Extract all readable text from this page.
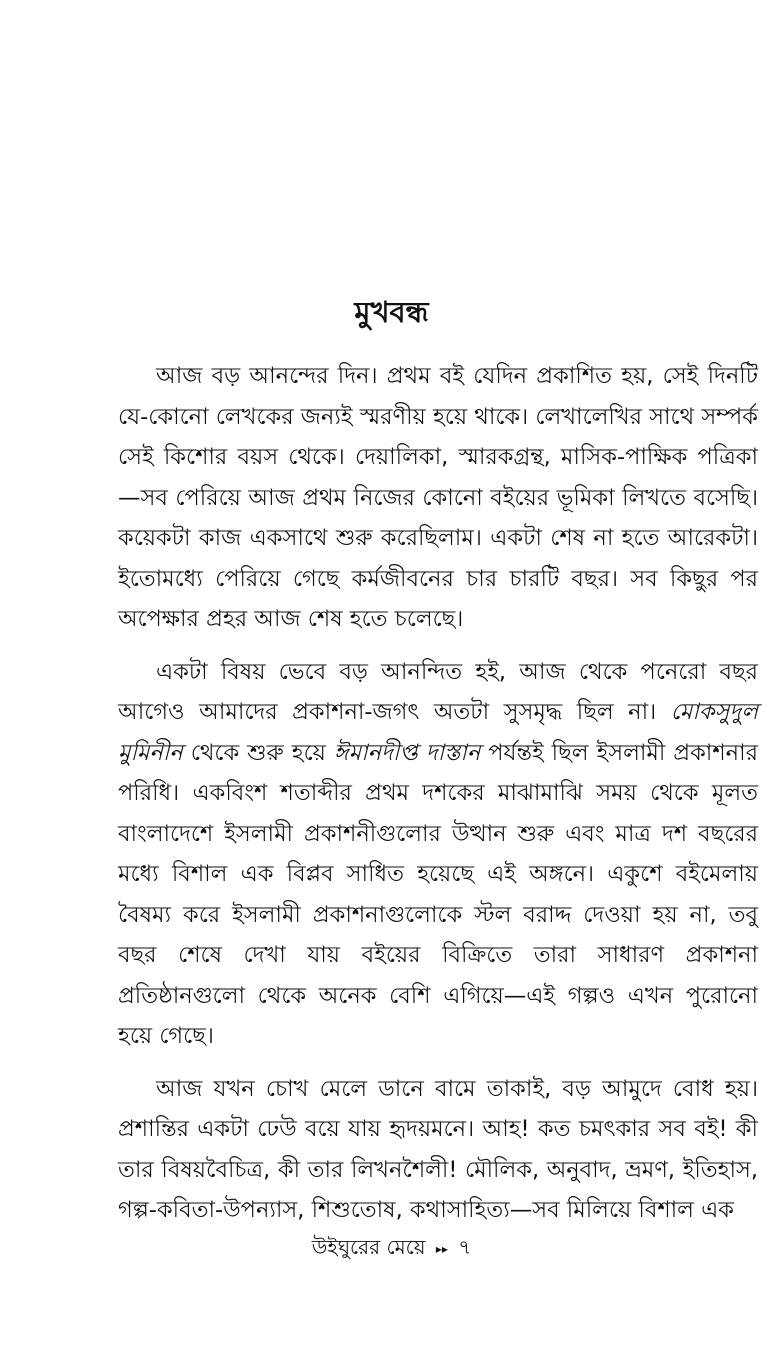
মুখবন্ধ

আজ বড় আনন্দের দিন। প্রথম বই যেদিন প্রকাশিত হয়, সেই দিনটি যে-কোনো লেখকের জন্যই স্মরণীয় হয়ে থাকে। লেখালেখির সাথে সম্পর্ক সেই কিশোর বয়স থেকে। দেয়ালিকা, স্মারকগ্রন্থ, মাসিক-পাক্ষিক পত্রিকা—সব পেরিয়ে আজ প্রথম নিজের কোনো বইয়ের ভূমিকা লিখতে বসেছি। কয়েকটা কাজ একসাথে শুরু করেছিলাম। একটা শেষ না হতে আরেকটা। ইতোমধ্যে পেরিয়ে গেছে কর্মজীবনের চার চারটি বছর। সব কিছুর পর অপেক্ষার প্রহর আজ শেষ হতে চলেছে।

একটা বিষয় ভেবে বড় আনন্দিত হই, আজ থেকে পনেরো বছর আগেও আমাদের প্রকাশনা-জগৎ অতটা সুসমৃদ্ধ ছিল না। মোকসুদুল মুমিনীন থেকে শুরু হয়ে ঈমানদীপ্ত দাস্তান পর্যন্তই ছিল ইসলামী প্রকাশনার পরিধি। একবিংশ শতাব্দীর প্রথম দশকের মাঝামাঝি সময় থেকে মূলত বাংলাদেশে ইসলামী প্রকাশনীগুলোর উত্থান শুরু এবং মাত্র দশ বছরের মধ্যে বিশাল এক বিপ্লব সাধিত হয়েছে এই অঙ্গনে। একুশে বইমেলায় বৈষম্য করে ইসলামী প্রকাশনাগুলোকে স্টল বরাদ্দ দেওয়া হয় না, তবু বছর শেষে দেখা যায় বইয়ের বিক্রিতে তারা সাধারণ প্রকাশনা প্রতিষ্ঠানগুলো থেকে অনেক বেশি এগিয়ে—এই গল্পও এখন পুরোনো হয়ে গেছে।

আজ যখন চোখ মেলে ডানে বামে তাকাই, বড় আমুদে বোধ হয়। প্রশান্তির একটা ঢেউ বয়ে যায় হৃদয়মনে। আহ! কত চমৎকার সব বই! কী তার বিষয়বৈচিত্র, কী তার লিখনশৈলী! মৌলিক, অনুবাদ, ভ্রমণ, ইতিহাস, গল্প-কবিতা-উপন্যাস, শিশুতোষ, কথাসাহিত্য—সব মিলিয়ে বিশাল এক

উইঘুরের মেয়ে ▸▸ ৭
